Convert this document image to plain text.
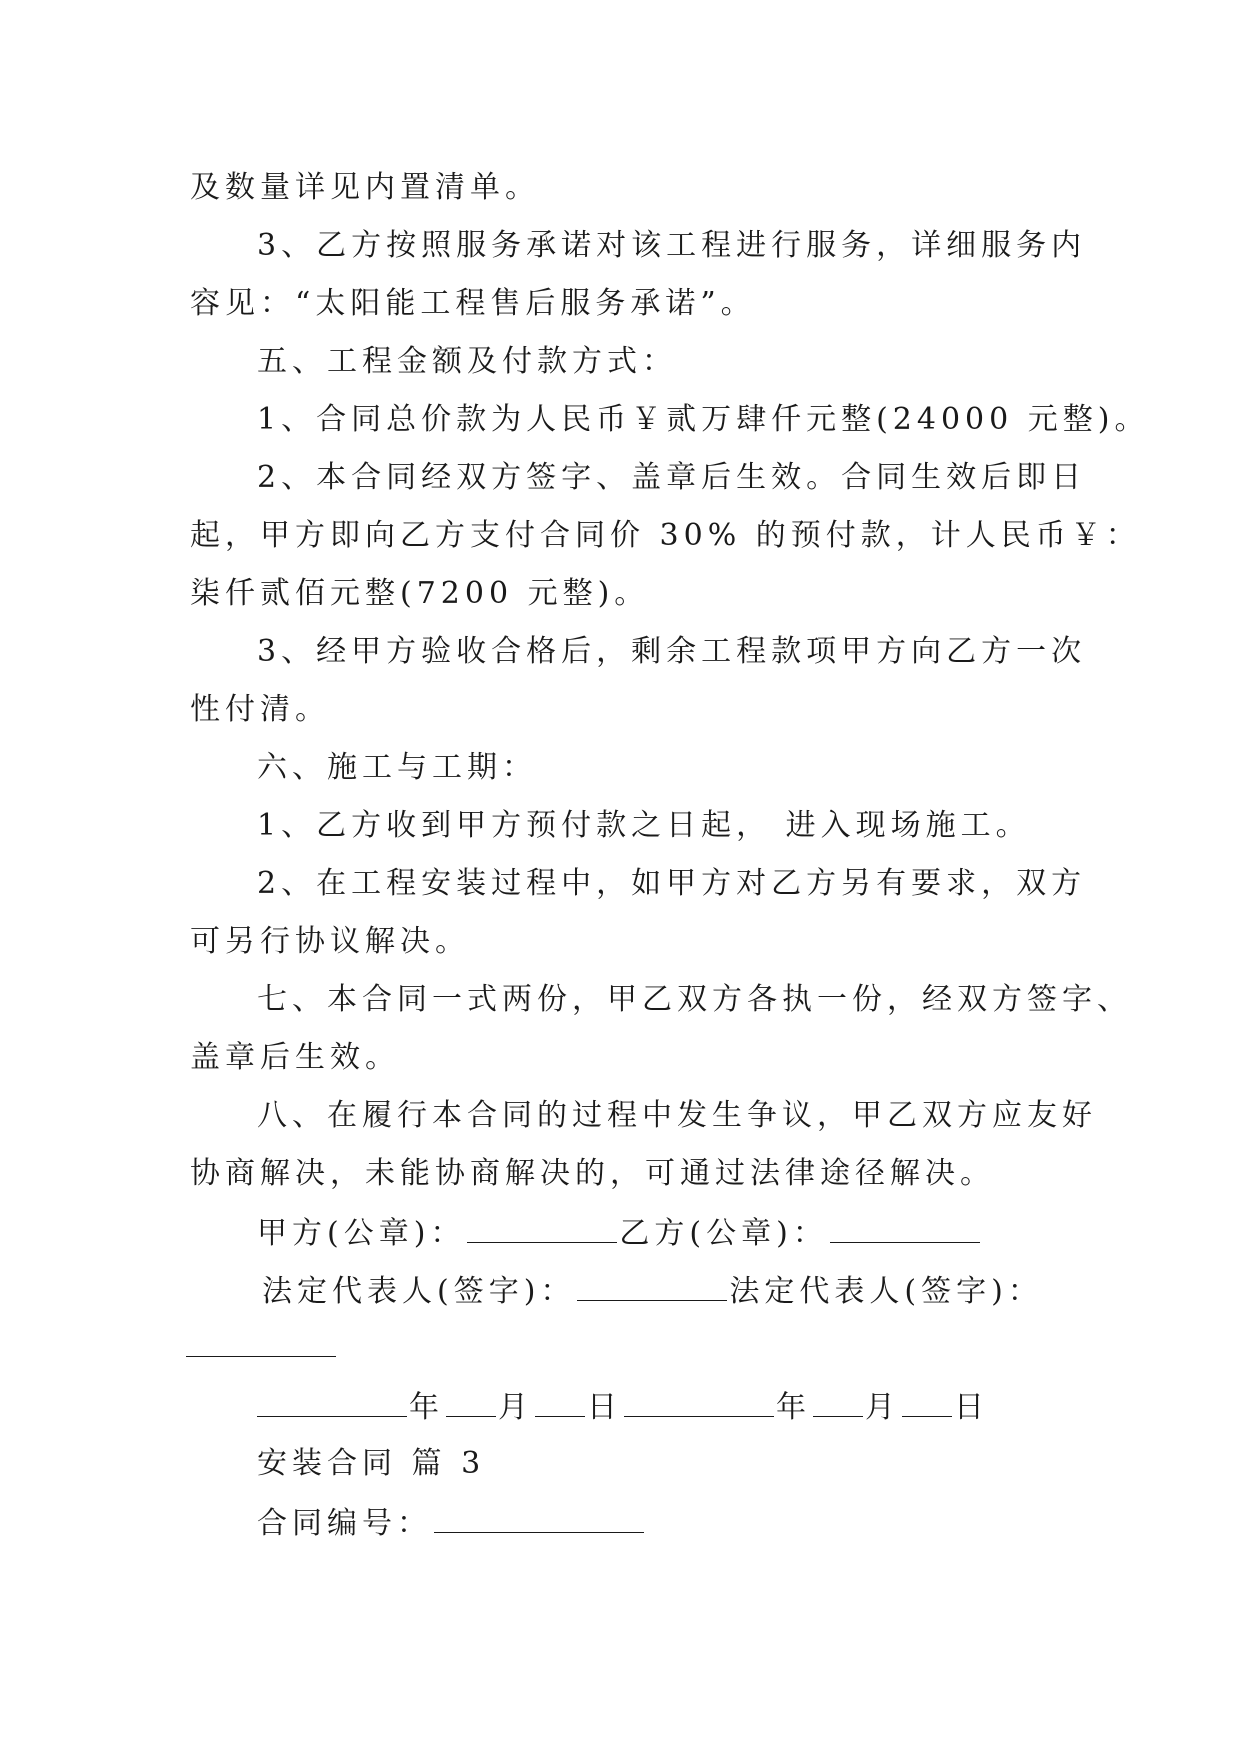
及数量详见内置清单。
3、乙方按照服务承诺对该工程进行服务，详细服务内
容见：“太阳能工程售后服务承诺”。
五、工程金额及付款方式：
1、合同总价款为人民币￥贰万肆仟元整(24000 元整)。
2、本合同经双方签字、盖章后生效。合同生效后即日
起，甲方即向乙方支付合同价 30% 的预付款，计人民币￥：
柒仟贰佰元整(7200 元整)。
3、经甲方验收合格后，剩余工程款项甲方向乙方一次
性付清。
六、施工与工期：
1、乙方收到甲方预付款之日起， 进入现场施工。
2、在工程安装过程中，如甲方对乙方另有要求，双方
可另行协议解决。
七、本合同一式两份，甲乙双方各执一份，经双方签字、
盖章后生效。
八、在履行本合同的过程中发生争议，甲乙双方应友好
协商解决，未能协商解决的，可通过法律途径解决。
甲方(公章)：	乙方(公章)：
法定代表人(签字)：	法定代表人(签字)：
年 月 日	年 月 日
安装合同 篇 3
合同编号：
